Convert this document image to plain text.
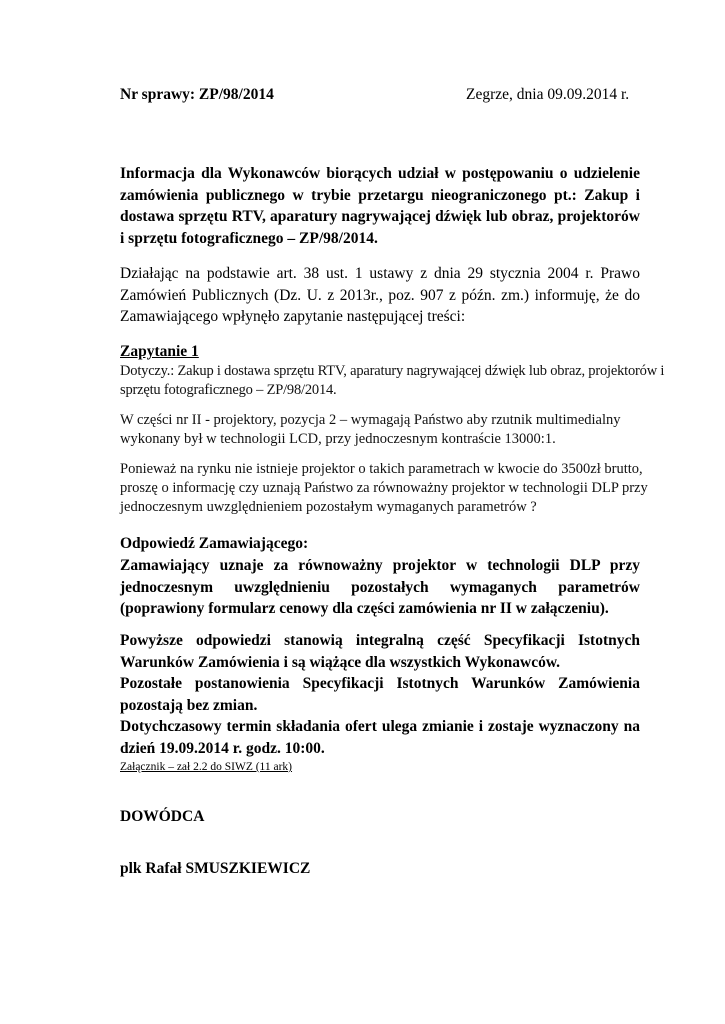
Nr sprawy: ZP/98/2014	Zegrze, dnia 09.09.2014 r.
Informacja dla Wykonawców biorących udział w postępowaniu o udzielenie zamówienia publicznego w trybie przetargu nieograniczonego pt.: Zakup i dostawa sprzętu RTV, aparatury nagrywającej dźwięk lub obraz, projektorów i sprzętu fotograficznego – ZP/98/2014.
Działając na podstawie art. 38 ust. 1 ustawy z dnia 29 stycznia 2004 r. Prawo Zamówień Publicznych (Dz. U. z 2013r., poz. 907 z późn. zm.) informuję, że do Zamawiającego wpłynęło zapytanie następującej treści:
Zapytanie 1

Dotyczy.: Zakup i dostawa sprzętu RTV, aparatury nagrywającej dźwięk lub obraz, projektorów i sprzętu fotograficznego – ZP/98/2014.

W części nr II - projektory, pozycja 2 – wymagają Państwo aby rzutnik multimedialny wykonany był w technologii LCD, przy jednoczesnym kontraście 13000:1.

Ponieważ na rynku nie istnieje projektor o takich parametrach w kwocie do 3500zł brutto, proszę o informację czy uznają Państwo za równoważny projektor w technologii DLP przy jednoczesnym uwzględnieniem pozostałym wymaganych parametrów ?

Odpowiedź Zamawiającego:
Zamawiający uznaje za równoważny projektor w technologii DLP przy jednoczesnym uwzględnieniu pozostałych wymaganych parametrów (poprawiony formularz cenowy dla części zamówienia nr II w załączeniu).

Powyższe odpowiedzi stanowią integralną część Specyfikacji Istotnych Warunków Zamówienia i są wiążące dla wszystkich Wykonawców.

Pozostałe postanowienia Specyfikacji Istotnych Warunków Zamówienia pozostają bez zmian.

Dotychczasowy termin składania ofert ulega zmianie i zostaje wyznaczony na dzień 19.09.2014 r. godz. 10:00.

Załącznik – zał 2.2 do SIWZ (11 ark)
DOWÓDCA
plk Rafał SMUSZKIEWICZ
